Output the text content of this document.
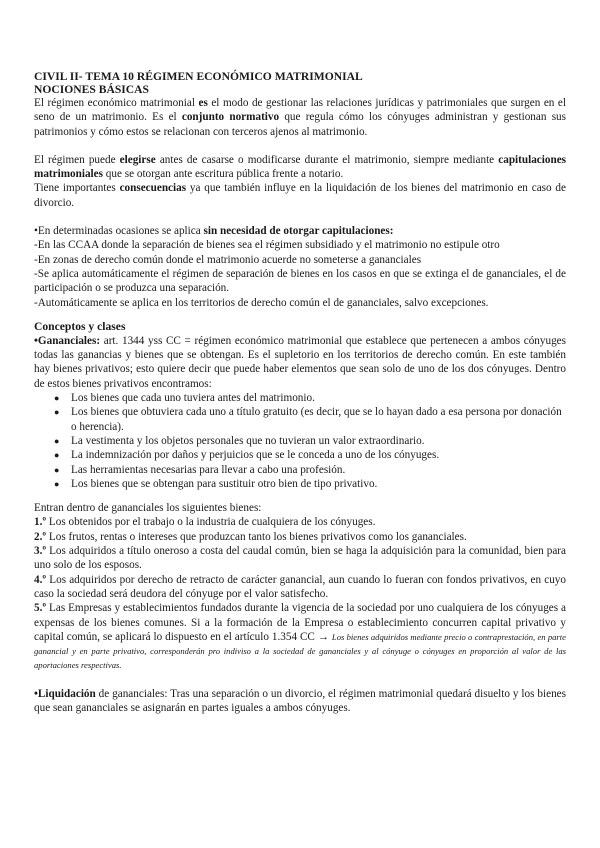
CIVIL II- TEMA 10 RÉGIMEN ECONÓMICO MATRIMONIAL
NOCIONES BÁSICAS

El régimen económico matrimonial es el modo de gestionar las relaciones jurídicas y patrimoniales que surgen en el seno de un matrimonio. Es el conjunto normativo que regula cómo los cónyuges administran y gestionan sus patrimonios y cómo estos se relacionan con terceros ajenos al matrimonio.

El régimen puede elegirse antes de casarse o modificarse durante el matrimonio, siempre mediante capitulaciones matrimoniales que se otorgan ante escritura pública frente a notario.

Tiene importantes consecuencias ya que también influye en la liquidación de los bienes del matrimonio en caso de divorcio.

•En determinadas ocasiones se aplica sin necesidad de otorgar capitulaciones:

-En las CCAA donde la separación de bienes sea el régimen subsidiado y el matrimonio no estipule otro

-En zonas de derecho común donde el matrimonio acuerde no someterse a gananciales

-Se aplica automáticamente el régimen de separación de bienes en los casos en que se extinga el de gananciales, el de participación o se produzca una separación.

-Automáticamente se aplica en los territorios de derecho común el de gananciales, salvo excepciones.

Conceptos y clases

•Gananciales: art. 1344 yss CC = régimen económico matrimonial que establece que pertenecen a ambos cónyuges todas las ganancias y bienes que se obtengan. Es el supletorio en los territorios de derecho común. En este también hay bienes privativos; esto quiere decir que puede haber elementos que sean solo de uno de los dos cónyuges. Dentro de estos bienes privativos encontramos:

● Los bienes que cada uno tuviera antes del matrimonio.
● Los bienes que obtuviera cada uno a título gratuito (es decir, que se lo hayan dado a esa persona por donación o herencia).
● La vestimenta y los objetos personales que no tuvieran un valor extraordinario.
● La indemnización por daños y perjuicios que se le conceda a uno de los cónyuges.
● Las herramientas necesarias para llevar a cabo una profesión.
● Los bienes que se obtengan para sustituir otro bien de tipo privativo.

Entran dentro de gananciales los siguientes bienes:

1.º Los obtenidos por el trabajo o la industria de cualquiera de los cónyuges.

2.º Los frutos, rentas o intereses que produzcan tanto los bienes privativos como los gananciales.

3.º Los adquiridos a título oneroso a costa del caudal común, bien se haga la adquisición para la comunidad, bien para uno solo de los esposos.

4.º Los adquiridos por derecho de retracto de carácter ganancial, aun cuando lo fueran con fondos privativos, en cuyo caso la sociedad será deudora del cónyuge por el valor satisfecho.

5.º Las Empresas y establecimientos fundados durante la vigencia de la sociedad por uno cualquiera de los cónyuges a expensas de los bienes comunes. Si a la formación de la Empresa o establecimiento concurren capital privativo y capital común, se aplicará lo dispuesto en el artículo 1.354 CC → Los bienes adquiridos mediante precio o contraprestación, en parte ganancial y en parte privativo, corresponderán pro indiviso a la sociedad de gananciales y al cónyuge o cónyuges en proporción al valor de las aportaciones respectivas.

•Liquidación de gananciales: Tras una separación o un divorcio, el régimen matrimonial quedará disuelto y los bienes que sean gananciales se asignarán en partes iguales a ambos cónyuges.
